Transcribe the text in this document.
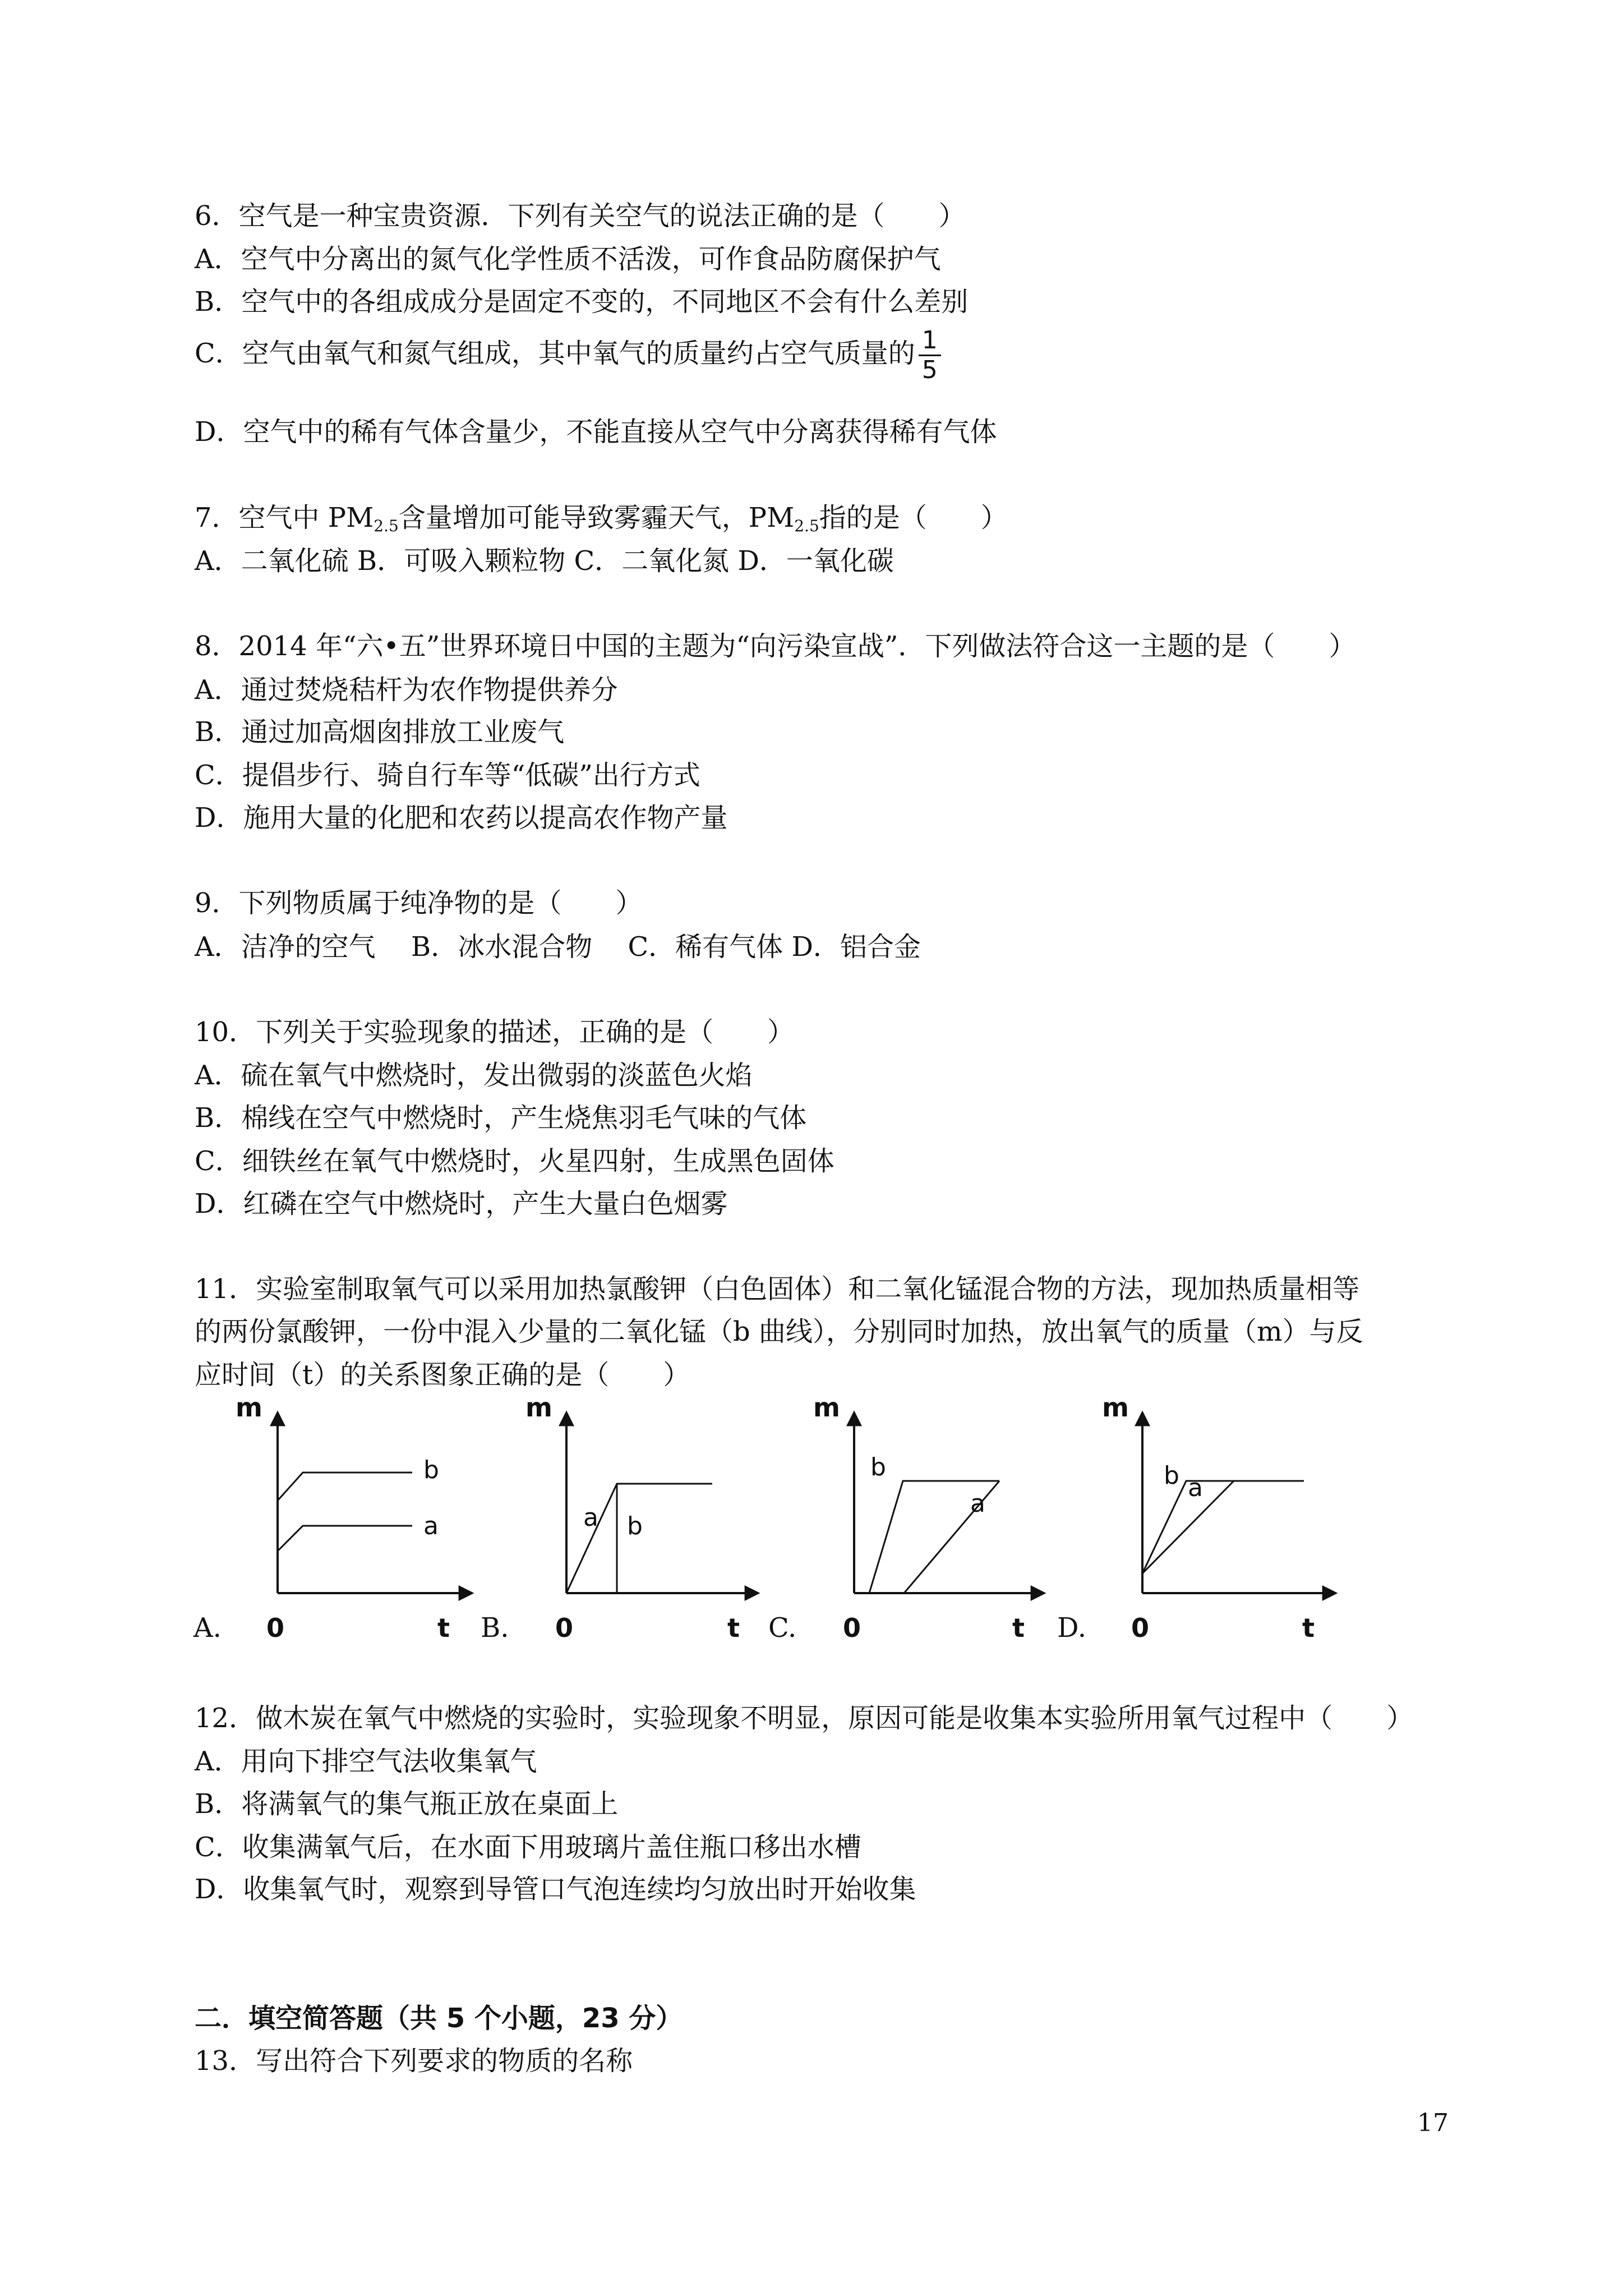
6．空气是一种宝贵资源．下列有关空气的说法正确的是（　　）
A．空气中分离出的氮气化学性质不活泼，可作食品防腐保护气
B．空气中的各组成成分是固定不变的，不同地区不会有什么差别
C．空气由氧气和氮气组成，其中氧气的质量约占空气质量的 $\frac{1}{5}$
D．空气中的稀有气体含量少，不能直接从空气中分离获得稀有气体
7．空气中 $PM_{2.5}$含量增加可能导致雾霾天气，$PM_{2.5}$指的是（　　）
A．二氧化硫 B．可吸入颗粒物 C．二氧化氮 D．一氧化碳
8．2014 年“六•五”世界环境日中国的主题为“向污染宣战”．下列做法符合这一主题的是（　　）
A．通过焚烧秸杆为农作物提供养分
B．通过加高烟囱排放工业废气
C．提倡步行、骑自行车等“低碳”出行方式
D．施用大量的化肥和农药以提高农作物产量
9．下列物质属于纯净物的是（　　）
A．洁净的空气　 B．冰水混合物　 C．稀有气体 D．铝合金
10．下列关于实验现象的描述，正确的是（　　）
A．硫在氧气中燃烧时，发出微弱的淡蓝色火焰
B．棉线在空气中燃烧时，产生烧焦羽毛气味的气体
C．细铁丝在氧气中燃烧时，火星四射，生成黑色固体
D．红磷在空气中燃烧时，产生大量白色烟雾
11．实验室制取氧气可以采用加热氯酸钾（白色固体）和二氧化锰混合物的方法，现加热质量相等
的两份氯酸钾，一份中混入少量的二氧化锰（b 曲线），分别同时加热，放出氧气的质量（m）与反
应时间（t）的关系图象正确的是（　　）
b
a
m
0	t
A.
a b
m
0	t
B.
b
a
m
0	t
C.
b a
m
0	t
D.
12．做木炭在氧气中燃烧的实验时，实验现象不明显，原因可能是收集本实验所用氧气过程中（　　）
A．用向下排空气法收集氧气
B．将满氧气的集气瓶正放在桌面上
C．收集满氧气后，在水面下用玻璃片盖住瓶口移出水槽
D．收集氧气时，观察到导管口气泡连续均匀放出时开始收集
二．填空简答题（共 5 个小题，23 分）
13．写出符合下列要求的物质的名称
17
